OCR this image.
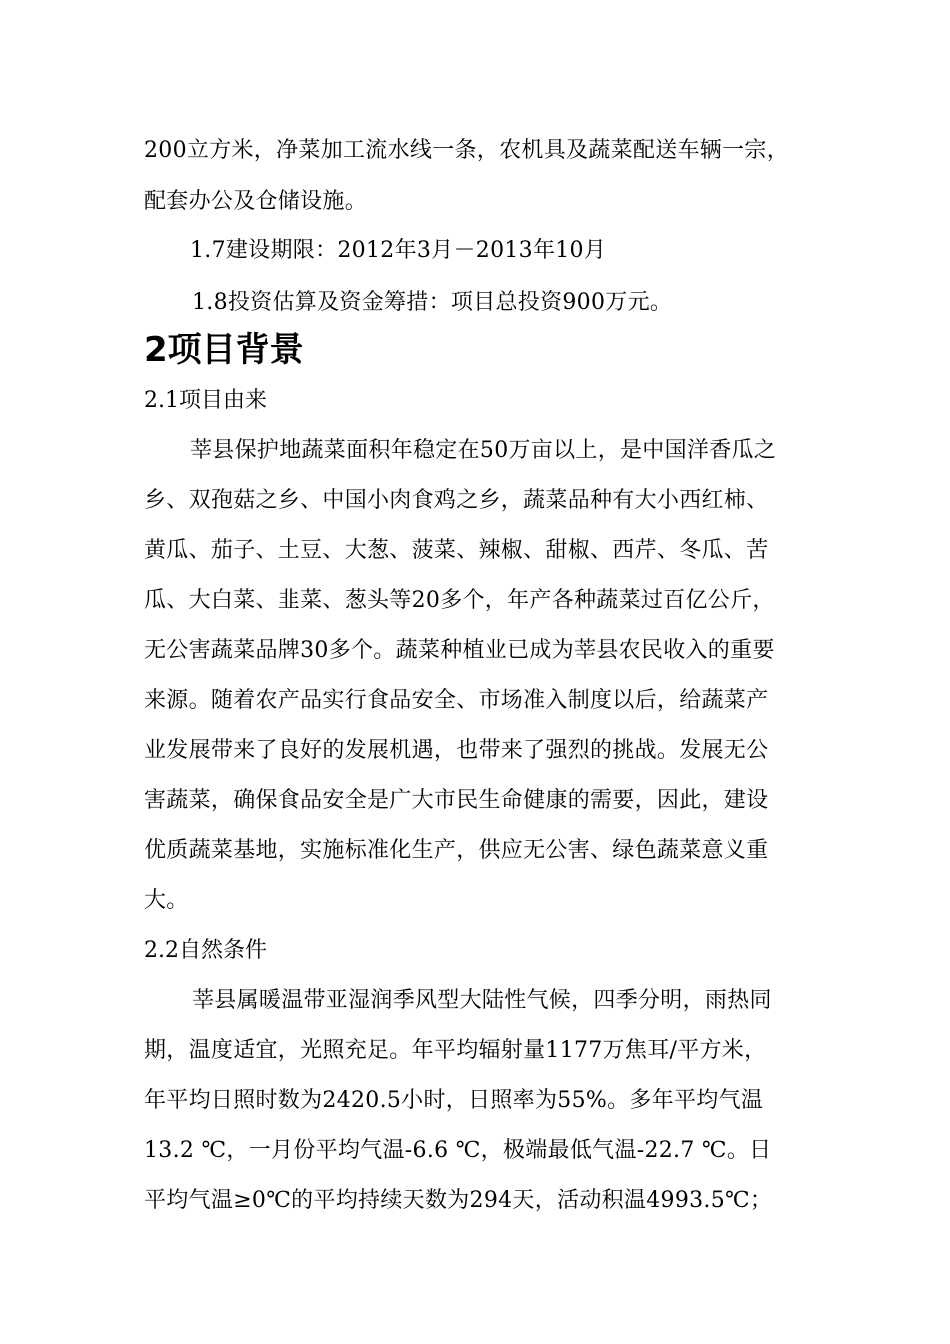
200立方米，净菜加工流水线一条，农机具及蔬菜配送车辆一宗，
配套办公及仓储设施。
1.7建设期限：2012年3月－2013年10月
1.8投资估算及资金筹措：项目总投资900万元。
2项目背景
2.1项目由来
莘县保护地蔬菜面积年稳定在50万亩以上，是中国洋香瓜之
乡、双孢菇之乡、中国小肉食鸡之乡，蔬菜品种有大小西红柿、
黄瓜、茄子、土豆、大葱、菠菜、辣椒、甜椒、西芹、冬瓜、苦
瓜、大白菜、韭菜、葱头等20多个，年产各种蔬菜过百亿公斤，
无公害蔬菜品牌30多个。蔬菜种植业已成为莘县农民收入的重要
来源。随着农产品实行食品安全、市场准入制度以后，给蔬菜产
业发展带来了良好的发展机遇，也带来了强烈的挑战。发展无公
害蔬菜，确保食品安全是广大市民生命健康的需要，因此，建设
优质蔬菜基地，实施标准化生产，供应无公害、绿色蔬菜意义重
大。
2.2自然条件
莘县属暖温带亚湿润季风型大陆性气候，四季分明，雨热同
期，温度适宜，光照充足。年平均辐射量1177万焦耳/平方米，
年平均日照时数为2420.5小时，日照率为55%。多年平均气温
13.2 ℃，一月份平均气温-6.6 ℃，极端最低气温-22.7 ℃。日
平均气温≥0℃的平均持续天数为294天，活动积温4993.5℃；
